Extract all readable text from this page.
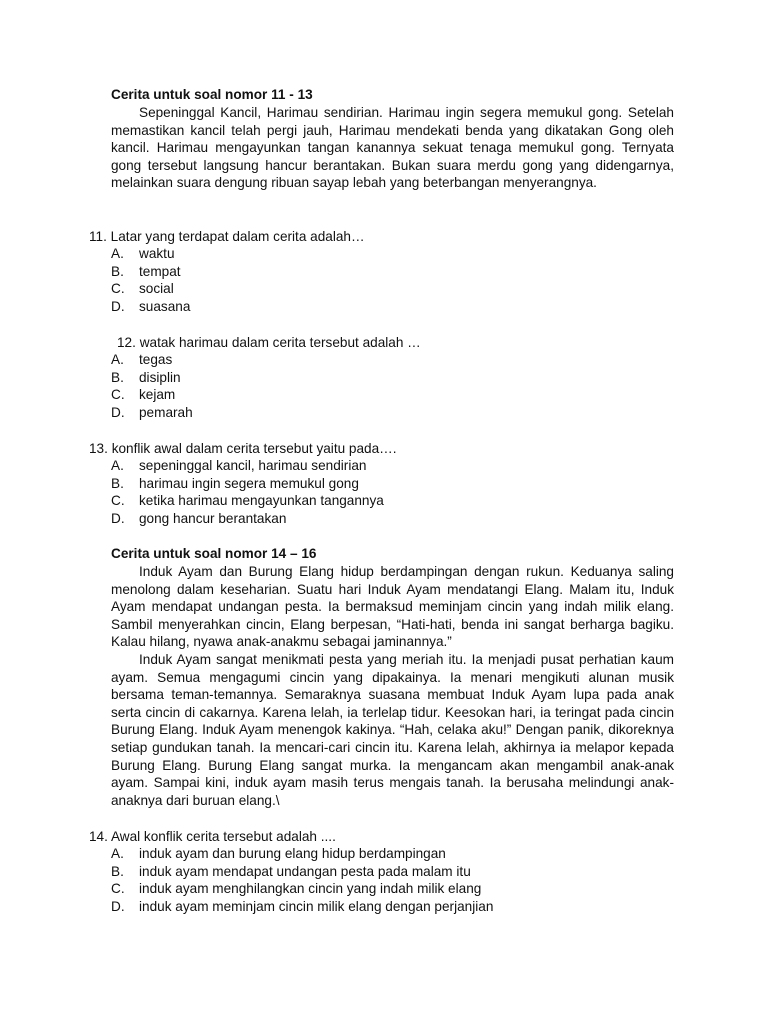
Cerita untuk soal nomor 11 - 13

Sepeninggal Kancil, Harimau sendirian. Harimau ingin segera memukul gong. Setelah memastikan kancil telah pergi jauh, Harimau mendekati benda yang dikatakan Gong oleh kancil. Harimau mengayunkan tangan kanannya sekuat tenaga memukul gong. Ternyata gong tersebut langsung hancur berantakan. Bukan suara merdu gong yang didengarnya, melainkan suara dengung ribuan sayap lebah yang beterbangan menyerangnya.

11. Latar yang terdapat dalam cerita adalah…

A. waktu
B. tempat
C. social
D. suasana

12. watak harimau dalam cerita tersebut adalah …

A. tegas
B. disiplin
C. kejam
D. pemarah

13. konflik awal dalam cerita tersebut yaitu pada….

A. sepeninggal kancil, harimau sendirian
B. harimau ingin segera memukul gong
C. ketika harimau mengayunkan tangannya
D. gong hancur berantakan

Cerita untuk soal nomor 14 – 16

Induk Ayam dan Burung Elang hidup berdampingan dengan rukun. Keduanya saling menolong dalam keseharian. Suatu hari Induk Ayam mendatangi Elang. Malam itu, Induk Ayam mendapat undangan pesta. Ia bermaksud meminjam cincin yang indah milik elang. Sambil menyerahkan cincin, Elang berpesan, “Hati-hati, benda ini sangat berharga bagiku. Kalau hilang, nyawa anak-anakmu sebagai jaminannya.”

Induk Ayam sangat menikmati pesta yang meriah itu. Ia menjadi pusat perhatian kaum ayam. Semua mengagumi cincin yang dipakainya. Ia menari mengikuti alunan musik bersama teman-temannya. Semaraknya suasana membuat Induk Ayam lupa pada anak serta cincin di cakarnya. Karena lelah, ia terlelap tidur. Keesokan hari, ia teringat pada cincin Burung Elang. Induk Ayam menengok kakinya. “Hah, celaka aku!” Dengan panik, dikoreknya setiap gundukan tanah. Ia mencari-cari cincin itu. Karena lelah, akhirnya ia melapor kepada Burung Elang. Burung Elang sangat murka. Ia mengancam akan mengambil anak-anak ayam. Sampai kini, induk ayam masih terus mengais tanah. Ia berusaha melindungi anak-anaknya dari buruan elang.\

14. Awal konflik cerita tersebut adalah ....

A. induk ayam dan burung elang hidup berdampingan
B. induk ayam mendapat undangan pesta pada malam itu
C. induk ayam menghilangkan cincin yang indah milik elang
D. induk ayam meminjam cincin milik elang dengan perjanjian
